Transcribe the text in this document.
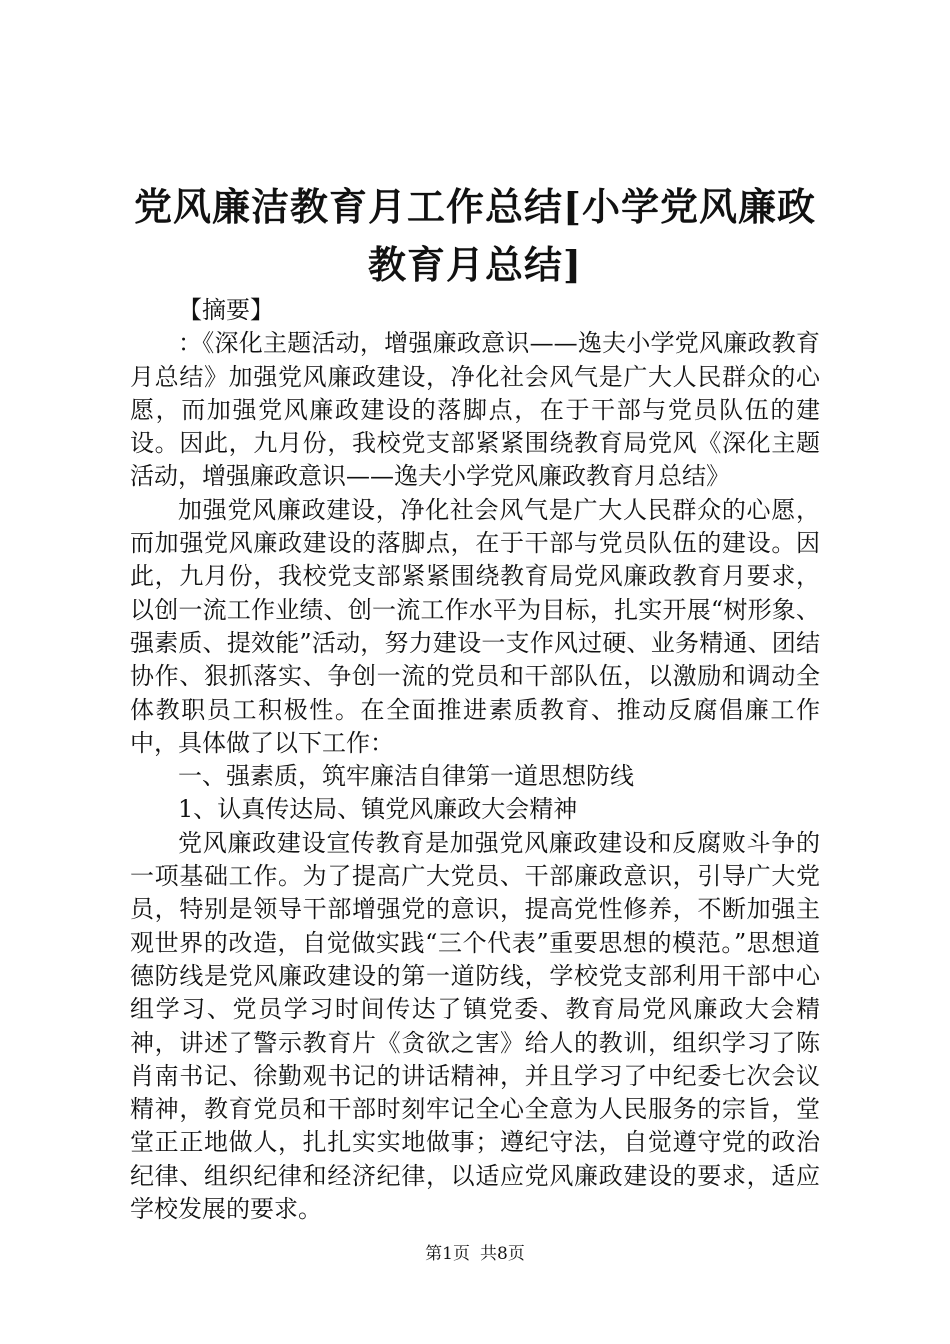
党风廉洁教育月工作总结[小学党风廉政教育月总结]

【摘要】

：《深化主题活动，增强廉政意识——逸夫小学党风廉政教育月总结》加强党风廉政建设，净化社会风气是广大人民群众的心愿，而加强党风廉政建设的落脚点，在于干部与党员队伍的建设。因此，九月份，我校党支部紧紧围绕教育局党风《深化主题活动，增强廉政意识——逸夫小学党风廉政教育月总结》

加强党风廉政建设，净化社会风气是广大人民群众的心愿，而加强党风廉政建设的落脚点，在于干部与党员队伍的建设。因此，九月份，我校党支部紧紧围绕教育局党风廉政教育月要求，以创一流工作业绩、创一流工作水平为目标，扎实开展“树形象、强素质、提效能”活动，努力建设一支作风过硬、业务精通、团结协作、狠抓落实、争创一流的党员和干部队伍，以激励和调动全体教职员工积极性。在全面推进素质教育、推动反腐倡廉工作中，具体做了以下工作：

一、强素质，筑牢廉洁自律第一道思想防线

1、认真传达局、镇党风廉政大会精神

党风廉政建设宣传教育是加强党风廉政建设和反腐败斗争的一项基础工作。为了提高广大党员、干部廉政意识，引导广大党员，特别是领导干部增强党的意识，提高党性修养，不断加强主观世界的改造，自觉做实践“三个代表”重要思想的模范。”思想道德防线是党风廉政建设的第一道防线，学校党支部利用干部中心组学习、党员学习时间传达了镇党委、教育局党风廉政大会精神，讲述了警示教育片《贪欲之害》给人的教训，组织学习了陈肖南书记、徐勤观书记的讲话精神，并且学习了中纪委七次会议精神，教育党员和干部时刻牢记全心全意为人民服务的宗旨，堂堂正正地做人，扎扎实实地做事；遵纪守法，自觉遵守党的政治纪律、组织纪律和经济纪律，以适应党风廉政建设的要求，适应学校发展的要求。

第1页 共8页
